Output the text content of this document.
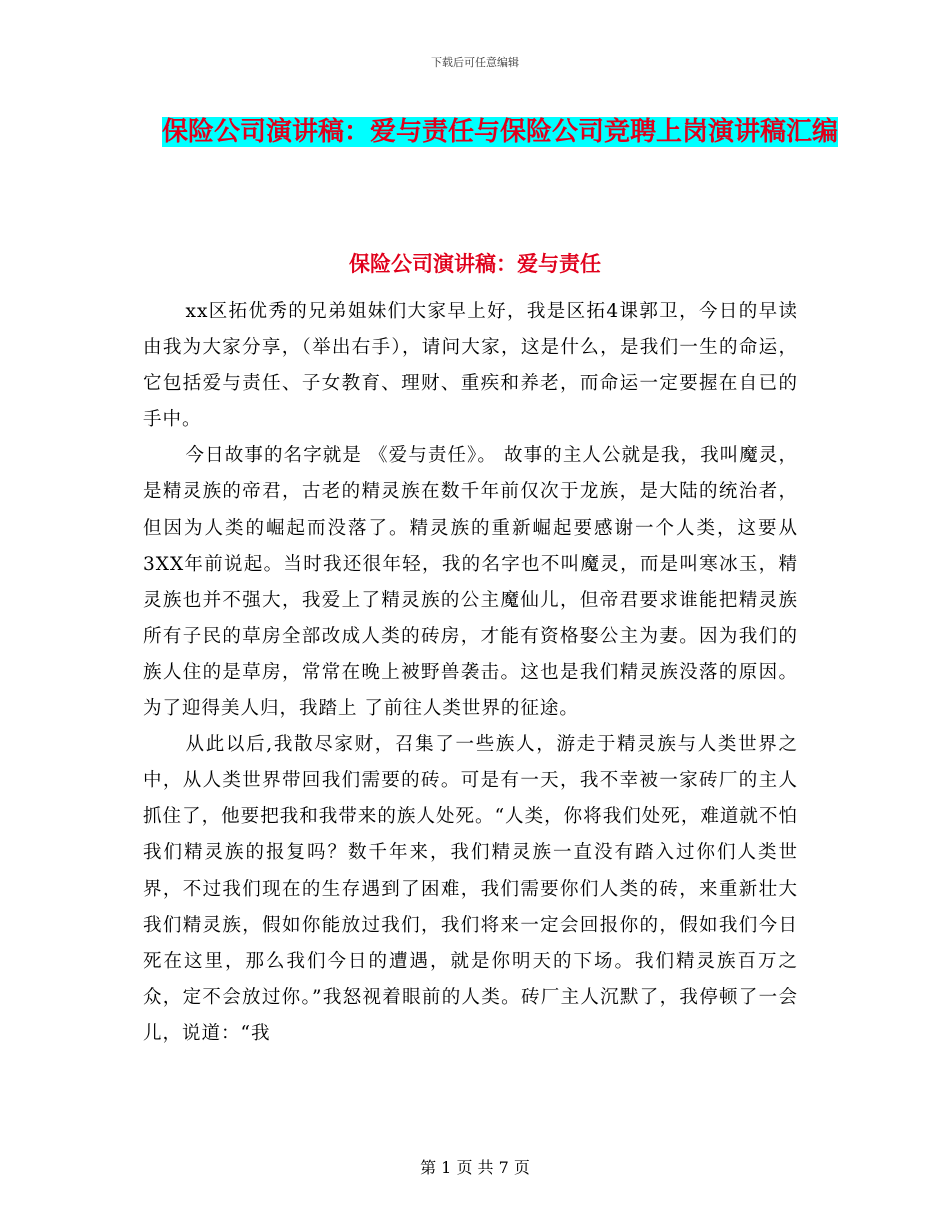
下载后可任意编辑
保险公司演讲稿：爱与责任与保险公司竞聘上岗演讲稿汇编
保险公司演讲稿：爱与责任

xx区拓优秀的兄弟姐妹们大家早上好，我是区拓4课郭卫，今日的早读由我为大家分享，（举出右手），请问大家，这是什么，是我们一生的命运，它包括爱与责任、子女教育、理财、重疾和养老，而命运一定要握在自已的手中。

今日故事的名字就是 《爱与责任》。 故事的主人公就是我，我叫魔灵，是精灵族的帝君，古老的精灵族在数千年前仅次于龙族，是大陆的统治者，但因为人类的崛起而没落了。精灵族的重新崛起要感谢一个人类，这要从3XX年前说起。当时我还很年轻，我的名字也不叫魔灵，而是叫寒冰玉，精灵族也并不强大，我爱上了精灵族的公主魔仙儿，但帝君要求谁能把精灵族所有子民的草房全部改成人类的砖房，才能有资格娶公主为妻。因为我们的族人住的是草房，常常在晚上被野兽袭击。这也是我们精灵族没落的原因。为了迎得美人归，我踏上 了前往人类世界的征途。

从此以后,我散尽家财，召集了一些族人，游走于精灵族与人类世界之中，从人类世界带回我们需要的砖。可是有一天，我不幸被一家砖厂的主人抓住了，他要把我和我带来的族人处死。“人类，你将我们处死，难道就不怕我们精灵族的报复吗？数千年来，我们精灵族一直没有踏入过你们人类世界，不过我们现在的生存遇到了困难，我们需要你们人类的砖，来重新壮大我们精灵族，假如你能放过我们，我们将来一定会回报你的，假如我们今日死在这里，那么我们今日的遭遇，就是你明天的下场。我们精灵族百万之众，定不会放过你。”我怒视着眼前的人类。砖厂主人沉默了，我停顿了一会儿，说道：“我

第 1 页 共 7 页
